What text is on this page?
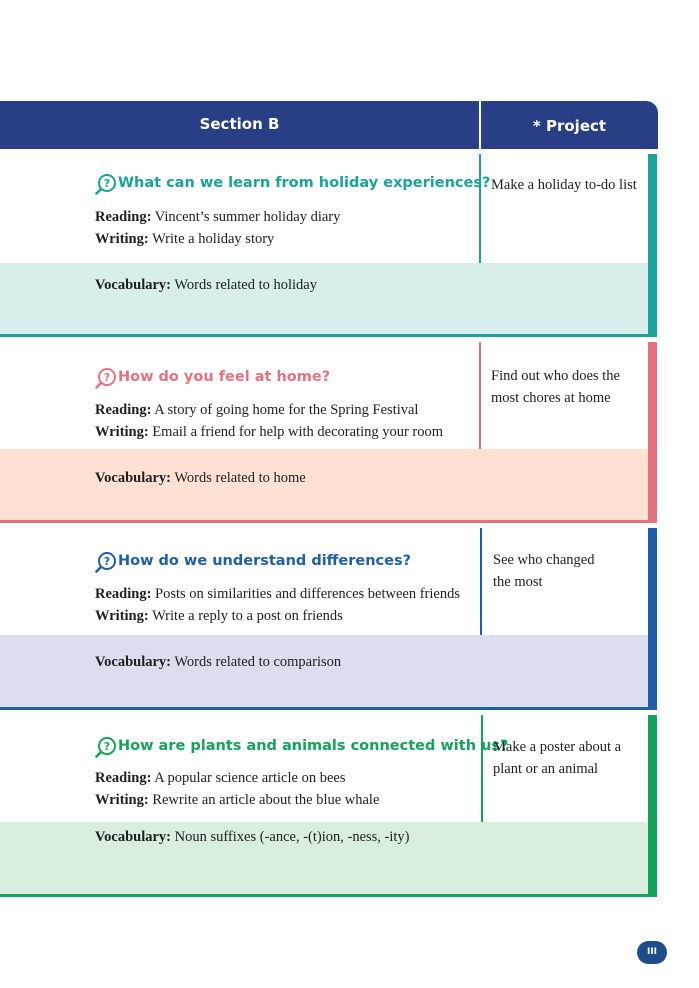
Section B	* Project
? What can we learn from holiday experiences?
Reading: Vincent’s summer holiday diary
Writing: Write a holiday story
Vocabulary: Words related to holiday
Make a holiday to-do list
? How do you feel at home?
Reading: A story of going home for the Spring Festival
Writing: Email a friend for help with decorating your room
Vocabulary: Words related to home
Find out who does the most chores at home
? How do we understand differences?
Reading: Posts on similarities and differences between friends
Writing: Write a reply to a post on friends
Vocabulary: Words related to comparison
See who changed the most
? How are plants and animals connected with us?
Reading: A popular science article on bees
Writing: Rewrite an article about the blue whale
Vocabulary: Noun suffixes (-ance, -(t)ion, -ness, -ity)
Make a poster about a plant or an animal
III
